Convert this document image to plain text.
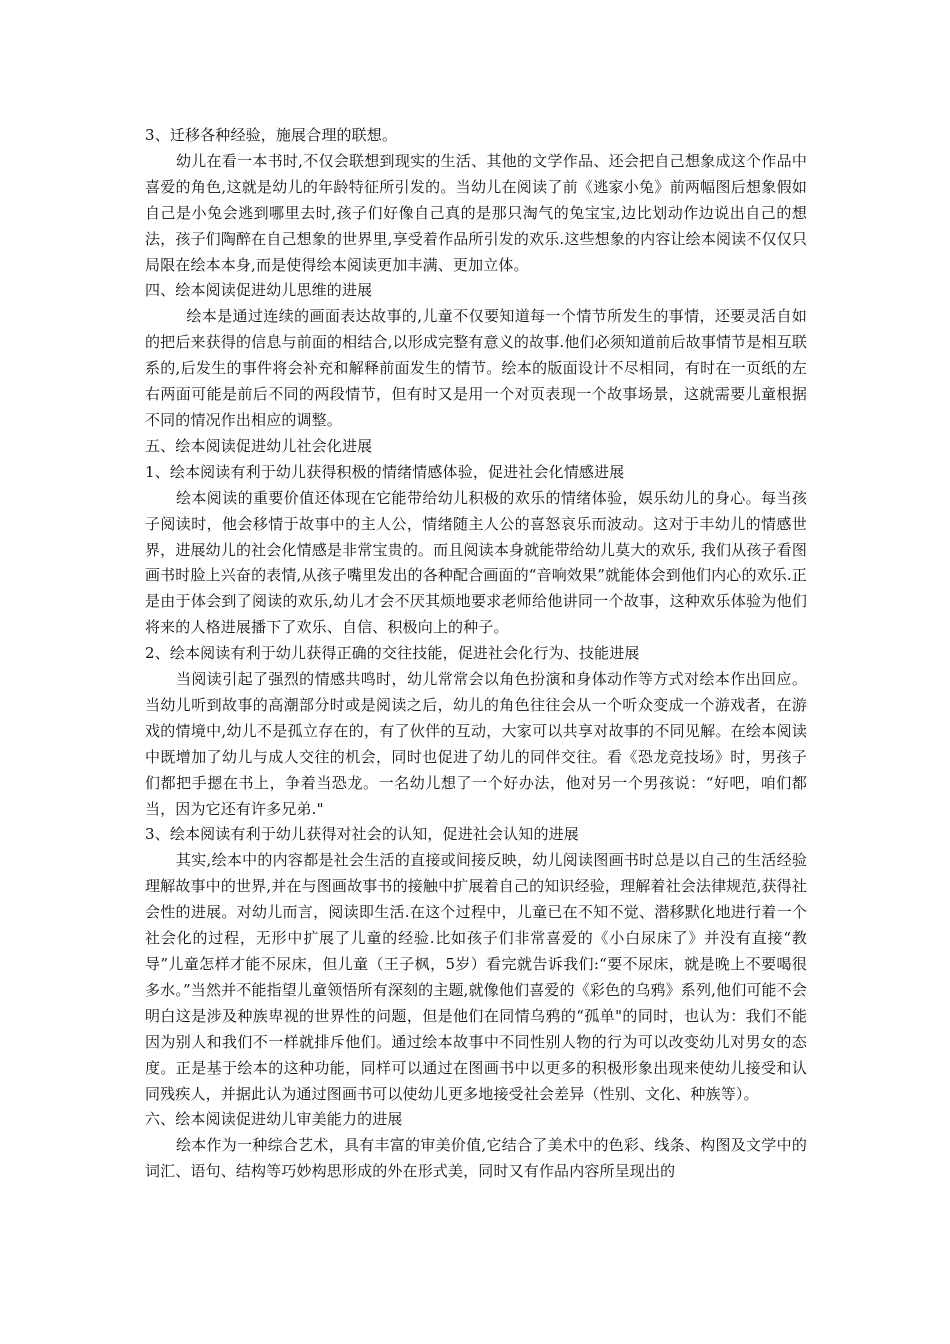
3、迁移各种经验，施展合理的联想。

幼儿在看一本书时,不仅会联想到现实的生活、其他的文学作品、还会把自己想象成这个作品中喜爱的角色,这就是幼儿的年龄特征所引发的。当幼儿在阅读了前《逃家小兔》前两幅图后想象假如自己是小兔会逃到哪里去时,孩子们好像自己真的是那只淘气的兔宝宝,边比划动作边说出自己的想法，孩子们陶醉在自己想象的世界里,享受着作品所引发的欢乐.这些想象的内容让绘本阅读不仅仅只局限在绘本本身,而是使得绘本阅读更加丰满、更加立体。

四、绘本阅读促进幼儿思维的进展

绘本是通过连续的画面表达故事的,儿童不仅要知道每一个情节所发生的事情，还要灵活自如的把后来获得的信息与前面的相结合,以形成完整有意义的故事.他们必须知道前后故事情节是相互联系的,后发生的事件将会补充和解释前面发生的情节。绘本的版面设计不尽相同，有时在一页纸的左右两面可能是前后不同的两段情节，但有时又是用一个对页表现一个故事场景，这就需要儿童根据不同的情况作出相应的调整。

五、绘本阅读促进幼儿社会化进展

1、绘本阅读有利于幼儿获得积极的情绪情感体验，促进社会化情感进展

绘本阅读的重要价值还体现在它能带给幼儿积极的欢乐的情绪体验，娱乐幼儿的身心。每当孩子阅读时，他会移情于故事中的主人公，情绪随主人公的喜怒哀乐而波动。这对于丰幼儿的情感世界，进展幼儿的社会化情感是非常宝贵的。而且阅读本身就能带给幼儿莫大的欢乐, 我们从孩子看图画书时脸上兴奋的表情,从孩子嘴里发出的各种配合画面的“音响效果”就能体会到他们内心的欢乐.正是由于体会到了阅读的欢乐,幼儿才会不厌其烦地要求老师给他讲同一个故事，这种欢乐体验为他们将来的人格进展播下了欢乐、自信、积极向上的种子。

2、绘本阅读有利于幼儿获得正确的交往技能，促进社会化行为、技能进展

当阅读引起了强烈的情感共鸣时，幼儿常常会以角色扮演和身体动作等方式对绘本作出回应。当幼儿听到故事的高潮部分时或是阅读之后，幼儿的角色往往会从一个听众变成一个游戏者，在游戏的情境中,幼儿不是孤立存在的，有了伙伴的互动，大家可以共享对故事的不同见解。在绘本阅读中既增加了幼儿与成人交往的机会，同时也促进了幼儿的同伴交往。看《恐龙竞技场》时，男孩子们都把手摁在书上，争着当恐龙。一名幼儿想了一个好办法，他对另一个男孩说：“好吧，咱们都当，因为它还有许多兄弟."

3、绘本阅读有利于幼儿获得对社会的认知，促进社会认知的进展

其实,绘本中的内容都是社会生活的直接或间接反映，幼儿阅读图画书时总是以自己的生活经验理解故事中的世界,并在与图画故事书的接触中扩展着自己的知识经验，理解着社会法律规范,获得社会性的进展。对幼儿而言，阅读即生活.在这个过程中，儿童已在不知不觉、潜移默化地进行着一个社会化的过程，无形中扩展了儿童的经验.比如孩子们非常喜爱的《小白尿床了》并没有直接“教导”儿童怎样才能不尿床，但儿童（王子枫，5岁）看完就告诉我们:“要不尿床，就是晚上不要喝很多水。”当然并不能指望儿童领悟所有深刻的主题,就像他们喜爱的《彩色的乌鸦》系列,他们可能不会明白这是涉及种族卑视的世界性的问题，但是他们在同情乌鸦的“孤单"的同时，也认为：我们不能因为别人和我们不一样就排斥他们。通过绘本故事中不同性别人物的行为可以改变幼儿对男女的态度。正是基于绘本的这种功能，同样可以通过在图画书中以更多的积极形象出现来使幼儿接受和认同残疾人，并据此认为通过图画书可以使幼儿更多地接受社会差异（性别、文化、种族等）。

六、绘本阅读促进幼儿审美能力的进展

绘本作为一种综合艺术，具有丰富的审美价值,它结合了美术中的色彩、线条、构图及文学中的词汇、语句、结构等巧妙构思形成的外在形式美，同时又有作品内容所呈现出的
